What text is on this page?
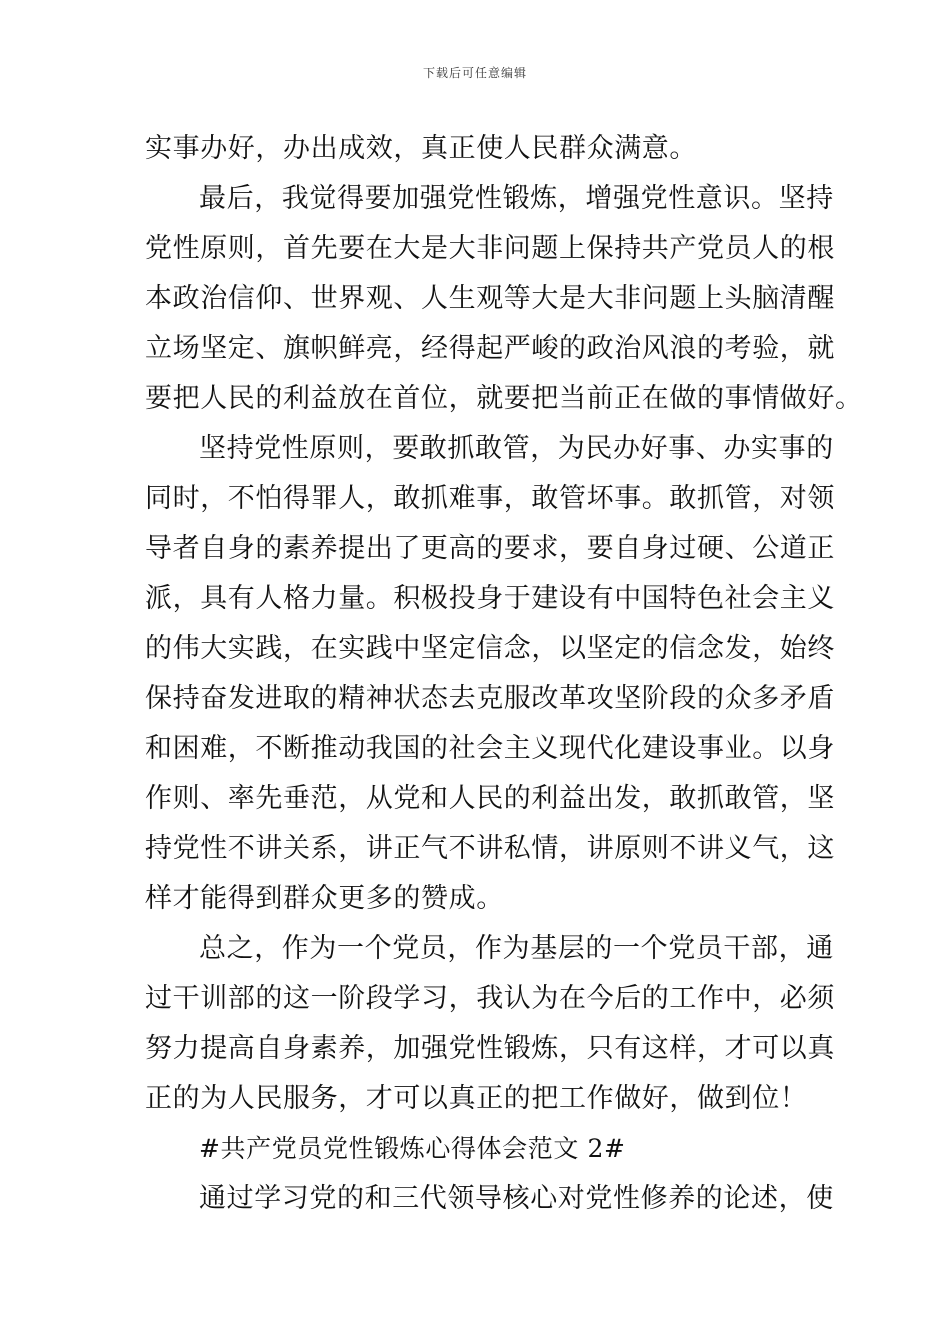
下载后可任意编辑
实事办好，办出成效，真正使人民群众满意。
最后，我觉得要加强党性锻炼，增强党性意识。坚持
党性原则，首先要在大是大非问题上保持共产党员人的根
本政治信仰、世界观、人生观等大是大非问题上头脑清醒
立场坚定、旗帜鲜亮，经得起严峻的政治风浪的考验，就
要把人民的利益放在首位，就要把当前正在做的事情做好。
坚持党性原则，要敢抓敢管，为民办好事、办实事的
同时，不怕得罪人，敢抓难事，敢管坏事。敢抓管，对领
导者自身的素养提出了更高的要求，要自身过硬、公道正
派，具有人格力量。积极投身于建设有中国特色社会主义
的伟大实践，在实践中坚定信念，以坚定的信念发，始终
保持奋发进取的精神状态去克服改革攻坚阶段的众多矛盾
和困难，不断推动我国的社会主义现代化建设事业。以身
作则、率先垂范，从党和人民的利益出发，敢抓敢管，坚
持党性不讲关系，讲正气不讲私情，讲原则不讲义气，这
样才能得到群众更多的赞成。
总之，作为一个党员，作为基层的一个党员干部，通
过干训部的这一阶段学习，我认为在今后的工作中，必须
努力提高自身素养，加强党性锻炼，只有这样，才可以真
正的为人民服务，才可以真正的把工作做好，做到位！
#共产党员党性锻炼心得体会范文 2#
通过学习党的和三代领导核心对党性修养的论述，使
